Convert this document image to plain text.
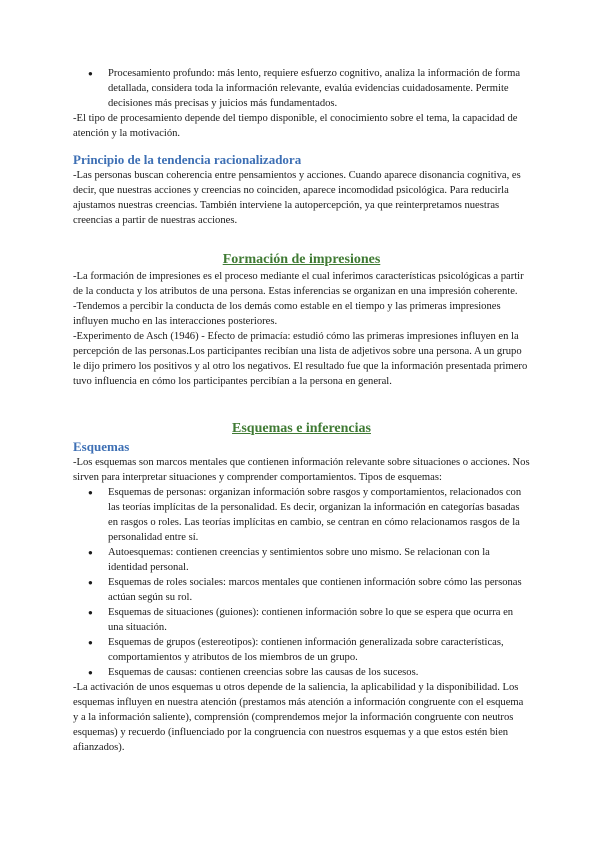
● Procesamiento profundo: más lento, requiere esfuerzo cognitivo, analiza la información de forma detallada, considera toda la información relevante, evalúa evidencias cuidadosamente. Permite decisiones más precisas y juicios más fundamentados.

-El tipo de procesamiento depende del tiempo disponible, el conocimiento sobre el tema, la capacidad de atención y la motivación.

Principio de la tendencia racionalizadora

-Las personas buscan coherencia entre pensamientos y acciones. Cuando aparece disonancia cognitiva, es decir, que nuestras acciones y creencias no coinciden, aparece incomodidad psicológica. Para reducirla ajustamos nuestras creencias. También interviene la autopercepción, ya que reinterpretamos nuestras creencias a partir de nuestras acciones.

Formación de impresiones

-La formación de impresiones es el proceso mediante el cual inferimos características psicológicas a partir de la conducta y los atributos de una persona. Estas inferencias se organizan en una impresión coherente.

-Tendemos a percibir la conducta de los demás como estable en el tiempo y las primeras impresiones influyen mucho en las interacciones posteriores.

-Experimento de Asch (1946) - Efecto de primacía: estudió cómo las primeras impresiones influyen en la percepción de las personas.Los participantes recibían una lista de adjetivos sobre una persona. A un grupo le dijo primero los positivos y al otro los negativos. El resultado fue que la información presentada primero tuvo influencia en cómo los participantes percibían a la persona en general.

Esquemas e inferencias
Esquemas

-Los esquemas son marcos mentales que contienen información relevante sobre situaciones o acciones. Nos sirven para interpretar situaciones y comprender comportamientos. Tipos de esquemas:

● Esquemas de personas: organizan información sobre rasgos y comportamientos, relacionados con las teorías implícitas de la personalidad. Es decir, organizan la información en categorías basadas en rasgos o roles. Las teorías implícitas en cambio, se centran en cómo relacionamos rasgos de la personalidad entre sí.
● Autoesquemas: contienen creencias y sentimientos sobre uno mismo. Se relacionan con la identidad personal.
● Esquemas de roles sociales: marcos mentales que contienen información sobre cómo las personas actúan según su rol.
● Esquemas de situaciones (guiones): contienen información sobre lo que se espera que ocurra en una situación.
● Esquemas de grupos (estereotipos): contienen información generalizada sobre características, comportamientos y atributos de los miembros de un grupo.
● Esquemas de causas: contienen creencias sobre las causas de los sucesos.

-La activación de unos esquemas u otros depende de la saliencia, la aplicabilidad y la disponibilidad. Los esquemas influyen en nuestra atención (prestamos más atención a información congruente con el esquema y a la información saliente), comprensión (comprendemos mejor la información congruente con neutros esquemas) y recuerdo (influenciado por la congruencia con nuestros esquemas y a que estos estén bien afianzados).
